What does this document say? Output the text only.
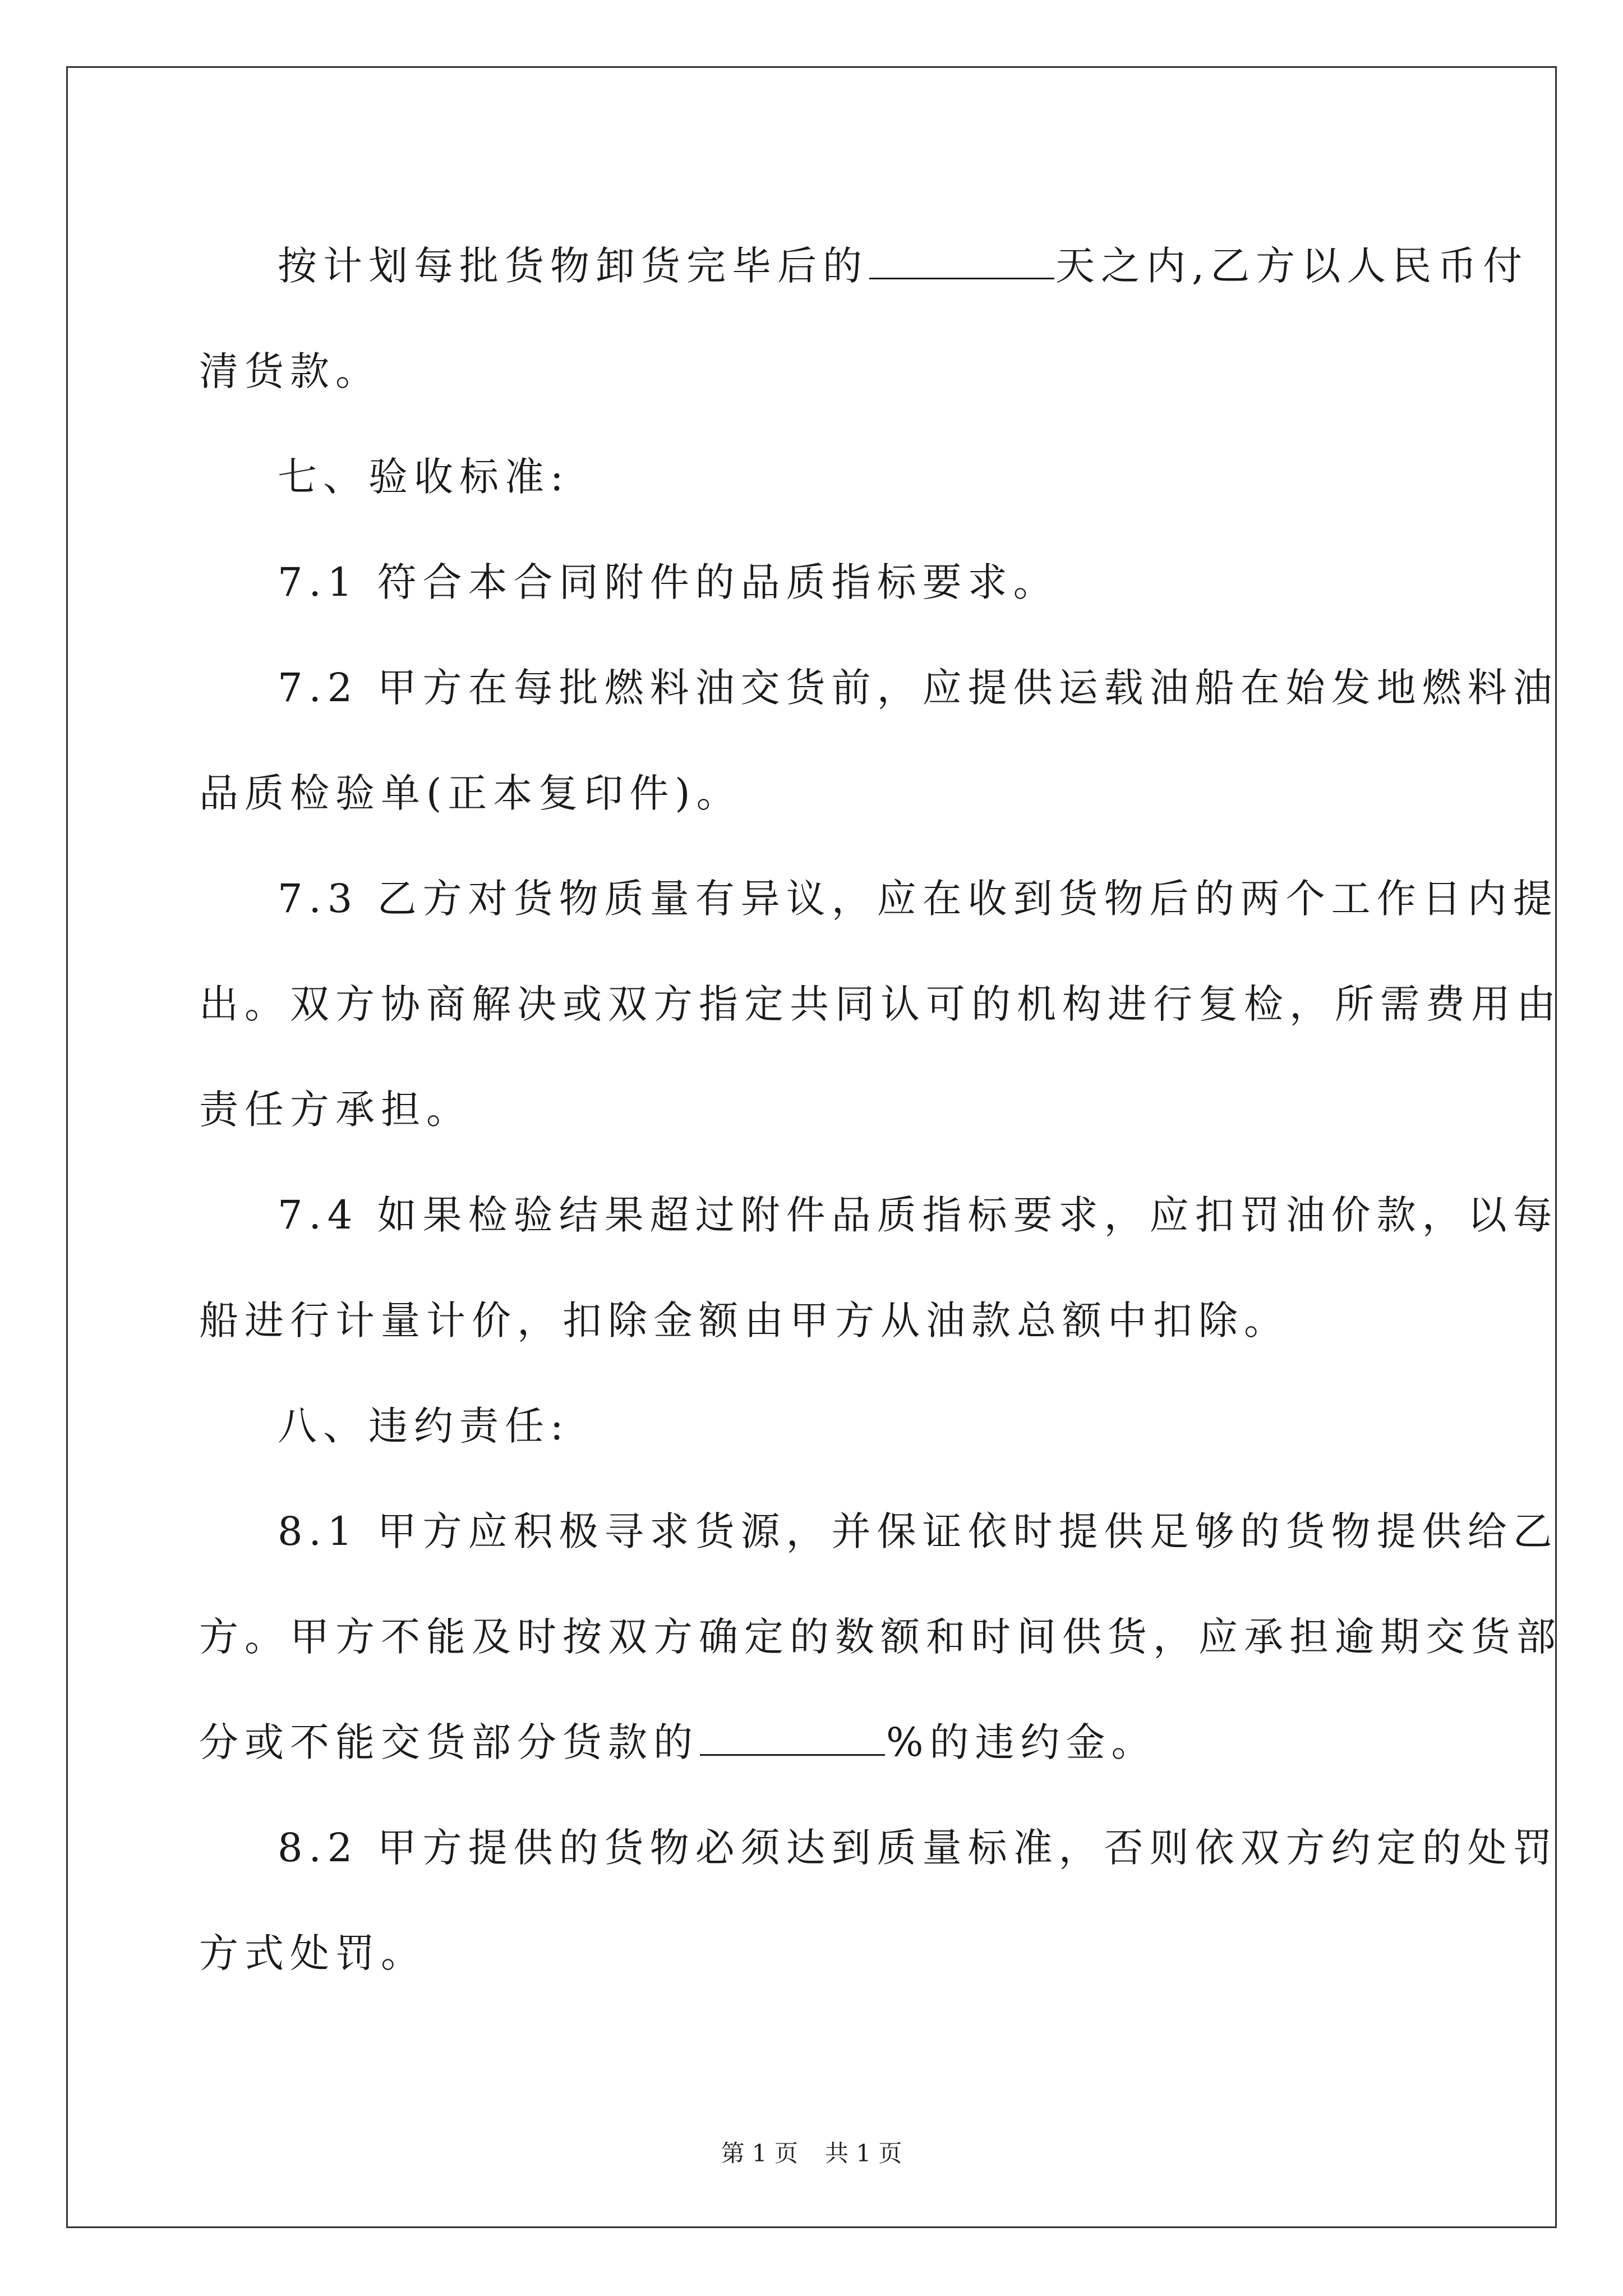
按计划每批货物卸货完毕后的	天之内,乙方以人民币付
清货款。

七、验收标准:

7.1 符合本合同附件的品质指标要求。

7.2 甲方在每批燃料油交货前，应提供运载油船在始发地燃料油
品质检验单(正本复印件)。

7.3 乙方对货物质量有异议，应在收到货物后的两个工作日内提
出。双方协商解决或双方指定共同认可的机构进行复检，所需费用由
责任方承担。

7.4 如果检验结果超过附件品质指标要求，应扣罚油价款，以每
船进行计量计价，扣除金额由甲方从油款总额中扣除。

八、违约责任:

8.1 甲方应积极寻求货源，并保证依时提供足够的货物提供给乙
方。甲方不能及时按双方确定的数额和时间供货，应承担逾期交货部
分或不能交货部分货款的	%的违约金。

8.2 甲方提供的货物必须达到质量标准，否则依双方约定的处罚
方式处罚。

第 1 页 共 1 页
